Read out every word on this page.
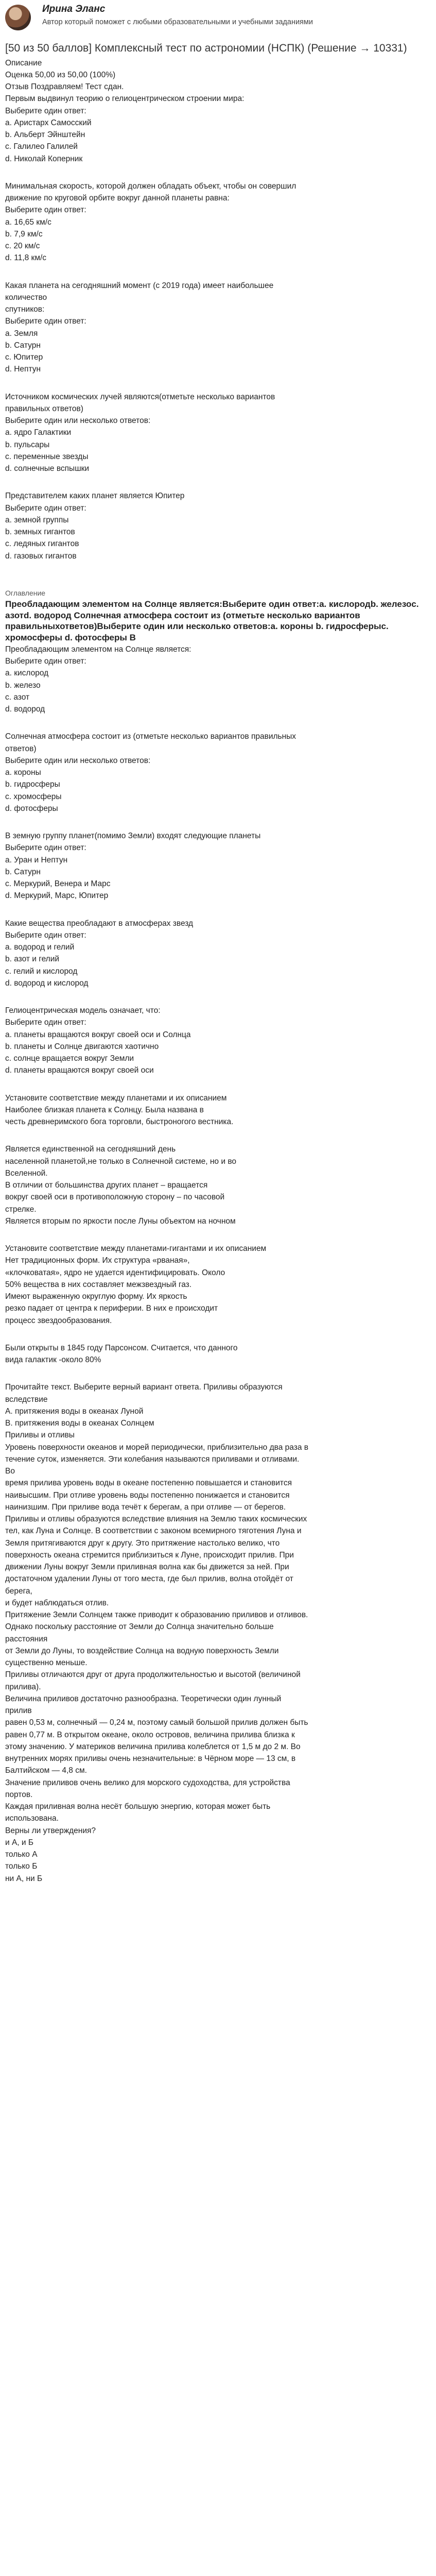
Ирина Эланс
Автор который поможет с любыми образовательными и учебными заданиями
[50 из 50 баллов] Комплексный тест по астрономии (НСПК) (Решение → 10331)
Описание
Оценка 50,00 из 50,00 (100%)
Отзыв Поздравляем! Тест сдан.
Первым выдвинул теорию о гелиоцентрическом строении мира:
Выберите один ответ:
a. Аристарх Самосский
b. Альберт Эйнштейн
c. Галилео Галилей
d. Николай Коперник
Минимальная скорость, которой должен обладать объект, чтобы он совершил
движение по круговой орбите вокруг данной планеты равна:
Выберите один ответ:
a. 16,65 км/с
b. 7,9 км/с
c. 20 км/с
d. 11,8 км/с
Какая планета на сегодняшний момент (с 2019 года) имеет наибольшее
количество
спутников:
Выберите один ответ:
a. Земля
b. Сатурн
c. Юпитер
d. Нептун
Источником космических лучей являются(отметьте несколько вариантов
правильных ответов)
Выберите один или несколько ответов:
a. ядро Галактики
b. пульсары
c. переменные звезды
d. солнечные вспышки
Представителем каких планет является Юпитер
Выберите один ответ:
a. земной группы
b. земных гигантов
c. ледяных гигантов
d. газовых гигантов
Оглавление
Преобладающим элементом на Солнце является:Выберите один ответ:a. кислородb. железоc. азотd. водород Солнечная атмосфера состоит из (отметьте несколько вариантов правильныхответов)Выберите один или несколько ответов:a. короны b. гидросферыc. хромосферы d. фотосферы В
Преобладающим элементом на Солнце является:
Выберите один ответ:
a. кислород
b. железо
c. азот
d. водород
Солнечная атмосфера состоит из (отметьте несколько вариантов правильных
ответов)
Выберите один или несколько ответов:
a. короны
b. гидросферы
c. хромосферы
d. фотосферы
В земную группу планет(помимо Земли) входят следующие планеты
Выберите один ответ:
a. Уран и Нептун
b. Сатурн
c. Меркурий, Венера и Марс
d. Меркурий, Марс, Юпитер
Какие вещества преобладают в атмосферах звезд
Выберите один ответ:
a. водород и гелий
b. азот и гелий
c. гелий и кислород
d. водород и кислород
Гелиоцентрическая модель означает, что:
Выберите один ответ:
a. планеты вращаются вокруг своей оси и Солнца
b. планеты и Солнце двигаются хаотично
c. солнце вращается вокруг Земли
d. планеты вращаются вокруг своей оси
Установите соответствие между планетами и их описанием
Наиболее близкая планета к Солнцу. Была названа в
честь древнеримского бога торговли, быстроногого вестника.
Является единственной на сегодняшний день
населенной планетой,не только в Солнечной системе, но и во
Вселенной.
В отличии от большинства других планет – вращается
вокруг своей оси в противоположную сторону – по часовой
стрелке.
Является вторым по яркости после Луны объектом на ночном
Установите соответствие между планетами-гигантами и их описанием
Нет традиционных форм. Их структура «рваная»,
«клочковатая», ядро не удается идентифицировать. Около
50% вещества в них составляет межзвездный газ.
Имеют выраженную округлую форму. Их яркость
резко падает от центра к периферии. В них е происходит
процесс звездообразования.
Были открыты в 1845 году Парсонсом. Считается, что данного
вида галактик -около 80%
Прочитайте текст. Выберите верный вариант ответа. Приливы образуются
вследствие
A. притяжения воды в океанах Луной
B. притяжения воды в океанах Солнцем
Приливы и отливы
Уровень поверхности океанов и морей периодически, приблизительно два раза в
течение суток, изменяется. Эти колебания называются приливами и отливами.
Во
время прилива уровень воды в океане постепенно повышается и становится
наивысшим. При отливе уровень воды постепенно понижается и становится
наинизшим. При приливе вода течёт к берегам, а при отливе — от берегов.
Приливы и отливы образуются вследствие влияния на Землю таких космических
тел, как Луна и Солнце. В соответствии с законом всемирного тяготения Луна и
Земля притягиваются друг к другу. Это притяжение настолько велико, что
поверхность океана стремится приблизиться к Луне, происходит прилив. При
движении Луны вокруг Земли приливная волна как бы движется за ней. При
достаточном удалении Луны от того места, где был прилив, волна отойдёт от
берега,
и будет наблюдаться отлив.
Притяжение Земли Солнцем также приводит к образованию приливов и отливов.
Однако поскольку расстояние от Земли до Солнца значительно больше
расстояния
от Земли до Луны, то воздействие Солнца на водную поверхность Земли
существенно меньше.
Приливы отличаются друг от друга продолжительностью и высотой (величиной
прилива).
Величина приливов достаточно разнообразна. Теоретически один лунный
прилив
равен 0,53 м, солнечный — 0,24 м, поэтому самый большой прилив должен быть
равен 0,77 м. В открытом океане, около островов, величина прилива близка к
этому значению. У материков величина прилива колеблется от 1,5 м до 2 м. Во
внутренних морях приливы очень незначительные: в Чёрном море — 13 см, в
Балтийском — 4,8 см.
Значение приливов очень велико для морского судоходства, для устройства
портов.
Каждая приливная волна несёт большую энергию, которая может быть
использована.
Верны ли утверждения?
и А, и Б
только А
только Б
ни А, ни Б
